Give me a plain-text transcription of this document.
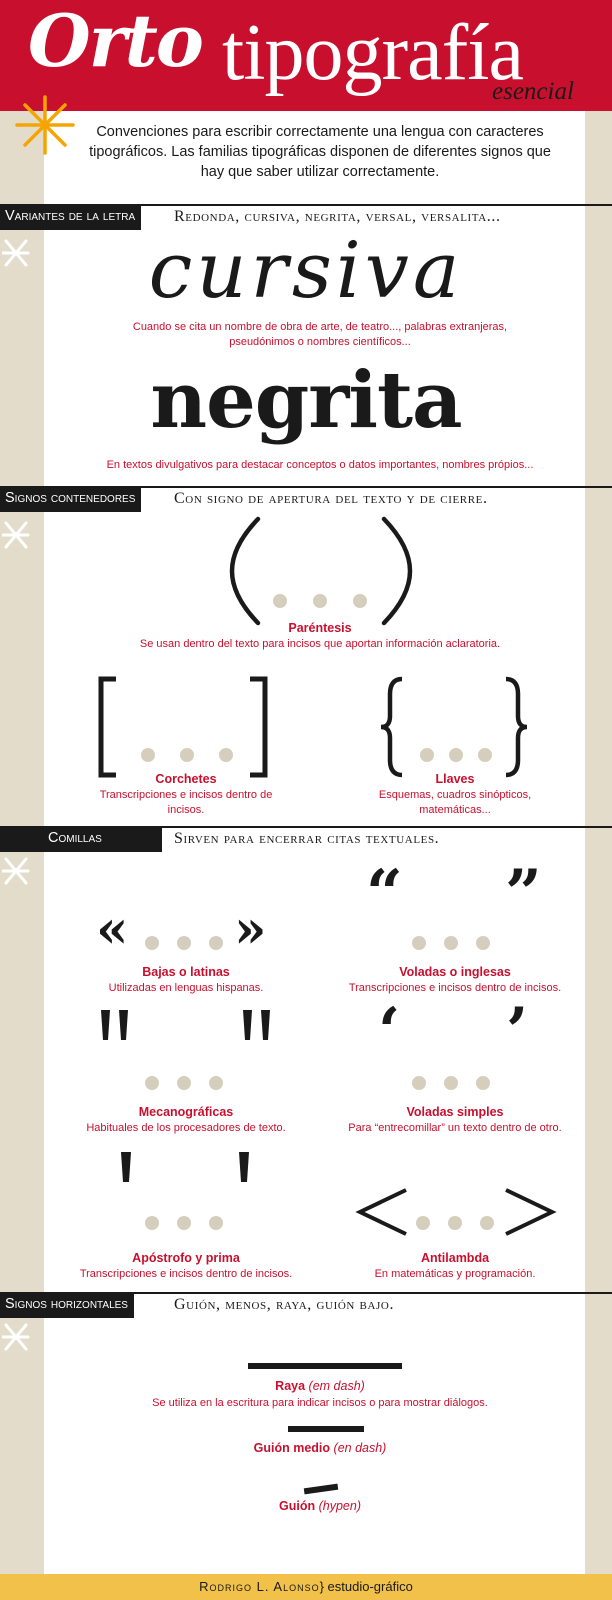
Orto tipografía
esencial
Convenciones para escribir correctamente una lengua con caracteres tipográficos. Las familias tipográficas disponen de diferentes signos que hay que saber utilizar correctamente.
Variantes de la letra	Redonda, cursiva, negrita, versal, versalita...
cursiva
Cuando se cita un nombre de obra de arte, de teatro..., palabras extranjeras, pseudónimos o nombres científicos...
negrita
En textos divulgativos para destacar conceptos o datos importantes, nombres própios...
Signos contenedores	Con signo de apertura del texto y de cierre.
Paréntesis
Se usan dentro del texto para incisos que aportan información aclaratoria.
Corchetes
Transcripciones e incisos dentro de incisos.
Llaves
Esquemas, cuadros sinópticos, matemáticas...
Comillas	Sirven para encerrar citas textuales.
« »
Bajas o latinas
Utilizadas en lenguas hispanas.
“ ”
Voladas o inglesas
Transcripciones e incisos dentro de incisos.
Mecanográficas
Habituales de los procesadores de texto.
‘ ’
Voladas simples
Para “entrecomillar” un texto dentro de otro.
Apóstrofo y prima
Transcripciones e incisos dentro de incisos.
Antilambda
En matemáticas y programación.
Signos horizontales	Guión, menos, raya, guión bajo.
Raya (em dash)
Se utiliza en la escritura para indicar incisos o para mostrar diálogos.
Guión medio (en dash)
Guión (hypen)
Rodrigo L. Alonso} estudio-gráfico
